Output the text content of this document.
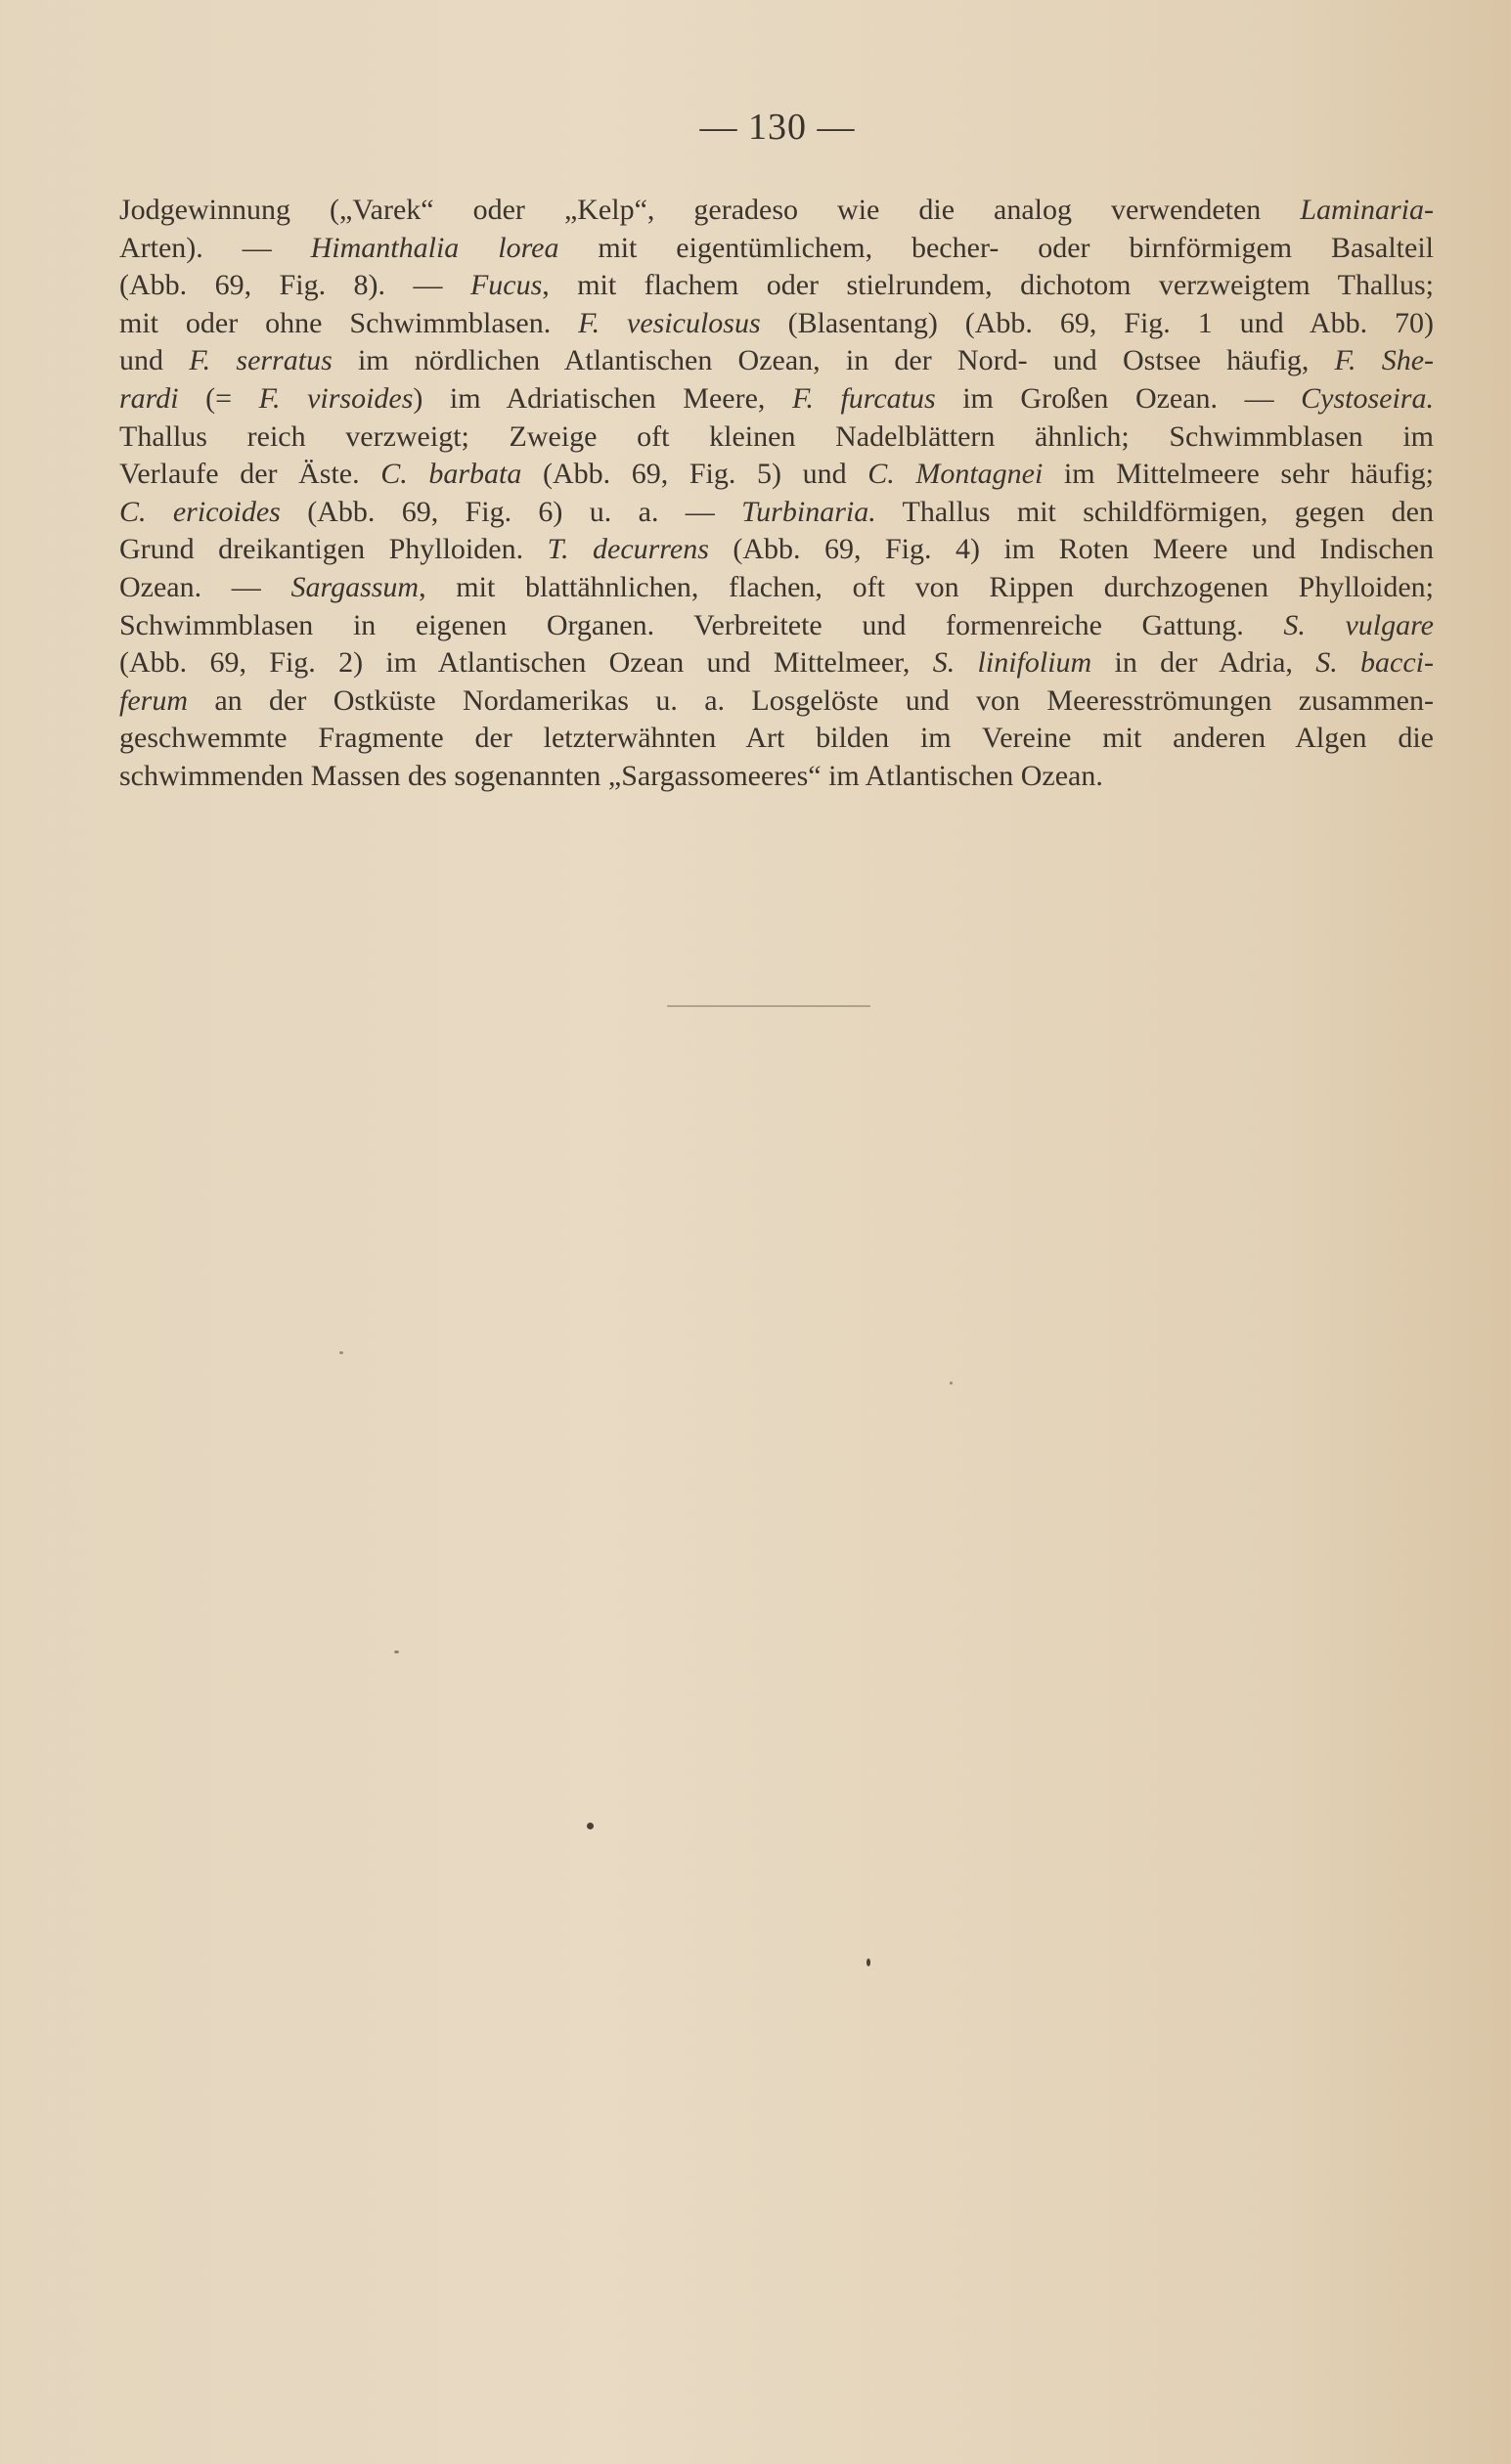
— 130 —
Jodgewinnung („Varek“ oder „Kelp“, geradeso wie die analog verwendeten Laminaria-
Arten). — Himanthalia lorea mit eigentümlichem, becher- oder birnförmigem Basalteil
(Abb. 69, Fig. 8). — Fucus, mit flachem oder stielrundem, dichotom verzweigtem Thallus;
mit oder ohne Schwimmblasen. F. vesiculosus (Blasentang) (Abb. 69, Fig. 1 und Abb. 70)
und F. serratus im nördlichen Atlantischen Ozean, in der Nord- und Ostsee häufig, F. She-
rardi (= F. virsoides) im Adriatischen Meere, F. furcatus im Großen Ozean. — Cystoseira.
Thallus reich verzweigt; Zweige oft kleinen Nadelblättern ähnlich; Schwimmblasen im
Verlaufe der Äste. C. barbata (Abb. 69, Fig. 5) und C. Montagnei im Mittelmeere sehr häufig;
C. ericoides (Abb. 69, Fig. 6) u. a. — Turbinaria. Thallus mit schildförmigen, gegen den
Grund dreikantigen Phylloiden. T. decurrens (Abb. 69, Fig. 4) im Roten Meere und Indischen
Ozean. — Sargassum, mit blattähnlichen, flachen, oft von Rippen durchzogenen Phylloiden;
Schwimmblasen in eigenen Organen. Verbreitete und formenreiche Gattung. S. vulgare
(Abb. 69, Fig. 2) im Atlantischen Ozean und Mittelmeer, S. linifolium in der Adria, S. bacci-
ferum an der Ostküste Nordamerikas u. a. Losgelöste und von Meeresströmungen zusammen-
geschwemmte Fragmente der letzterwähnten Art bilden im Vereine mit anderen Algen die
schwimmenden Massen des sogenannten „Sargassomeeres“ im Atlantischen Ozean.
